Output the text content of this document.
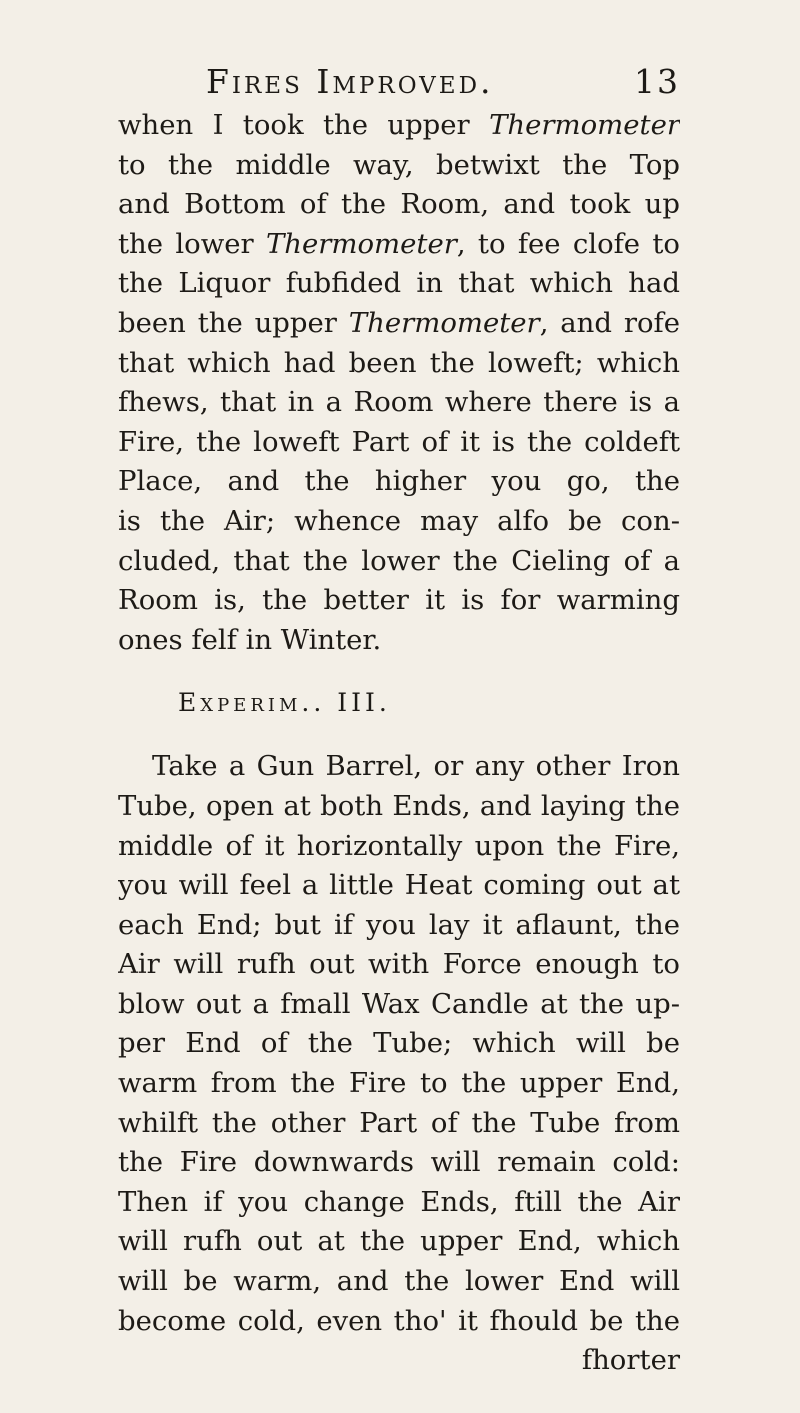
Fires Improved.	13
when I took the upper Thermometer
to the middle way, betwixt the Top
and Bottom of the Room, and took up
the lower Thermometer, to fee clofe to
the Liquor fubfided in that which had
been the upper Thermometer, and rofe
that which had been the loweft; which
fhews, that in a Room where there is a
Fire, the loweft Part of it is the coldeft
Place, and the higher you go, the
is the Air; whence may alfo be con-
cluded, that the lower the Cieling of a
Room is, the better it is for warming
ones felf in Winter.
Experim.. III.
Take a Gun Barrel, or any other Iron
Tube, open at both Ends, and laying the
middle of it horizontally upon the Fire,
you will feel a little Heat coming out at
each End; but if you lay it aflaunt, the
Air will rufh out with Force enough to
blow out a fmall Wax Candle at the up-
per End of the Tube; which will be
warm from the Fire to the upper End,
whilft the other Part of the Tube from
the Fire downwards will remain cold:
Then if you change Ends, ftill the Air
will rufh out at the upper End, which
will be warm, and the lower End will
become cold, even tho' it fhould be the
fhorter
